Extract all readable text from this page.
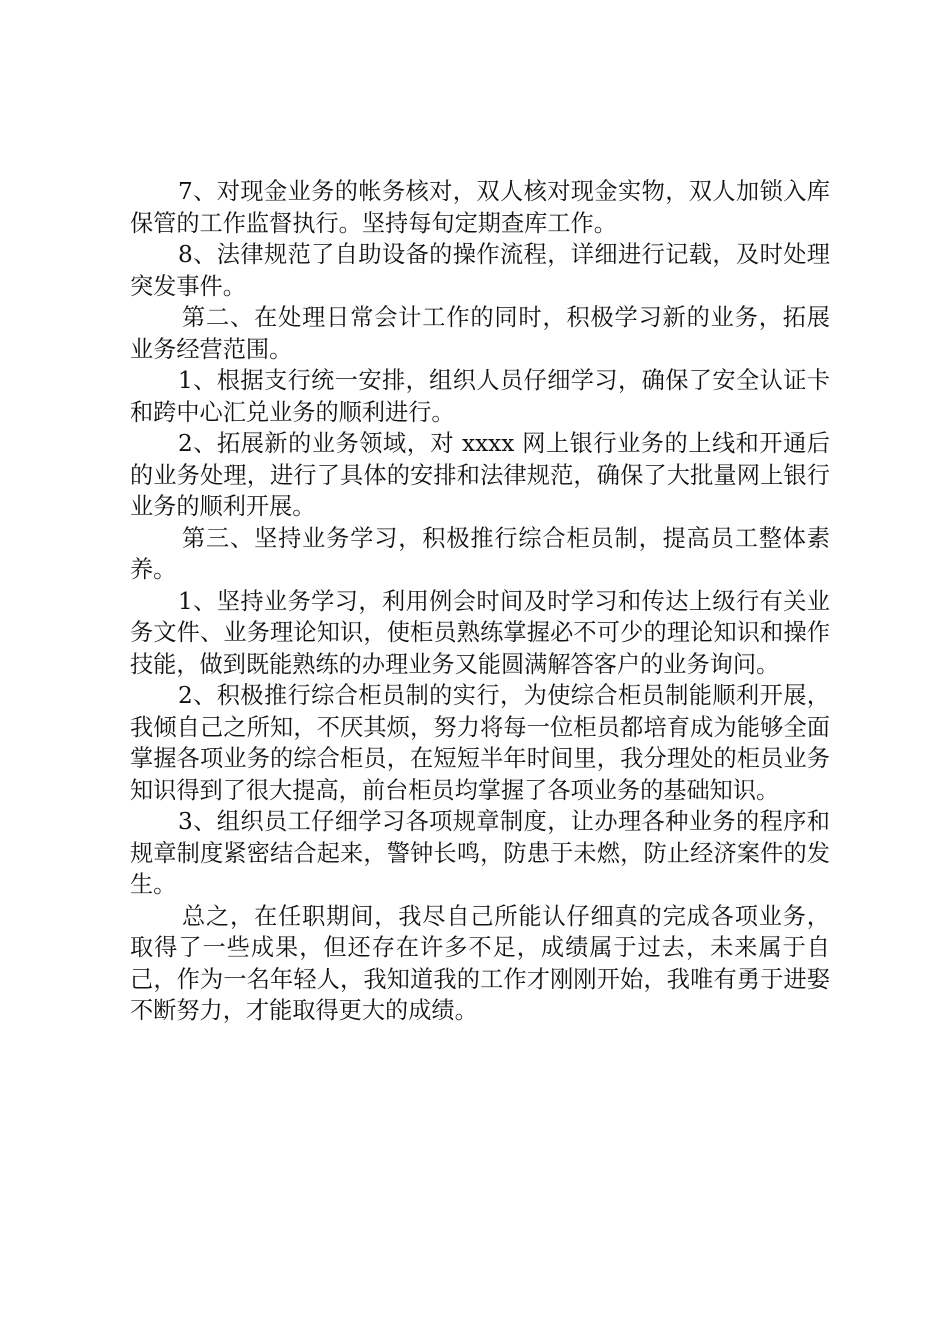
7、对现金业务的帐务核对，双人核对现金实物，双人加锁入库保管的工作监督执行。坚持每旬定期查库工作。

8、法律规范了自助设备的操作流程，详细进行记载，及时处理突发事件。

第二、在处理日常会计工作的同时，积极学习新的业务，拓展业务经营范围。

1、根据支行统一安排，组织人员仔细学习，确保了安全认证卡和跨中心汇兑业务的顺利进行。

2、拓展新的业务领域，对 xxxx 网上银行业务的上线和开通后的业务处理，进行了具体的安排和法律规范，确保了大批量网上银行业务的顺利开展。

第三、坚持业务学习，积极推行综合柜员制，提高员工整体素养。

1、坚持业务学习，利用例会时间及时学习和传达上级行有关业务文件、业务理论知识，使柜员熟练掌握必不可少的理论知识和操作技能，做到既能熟练的办理业务又能圆满解答客户的业务询问。

2、积极推行综合柜员制的实行，为使综合柜员制能顺利开展，我倾自己之所知，不厌其烦，努力将每一位柜员都培育成为能够全面掌握各项业务的综合柜员，在短短半年时间里，我分理处的柜员业务知识得到了很大提高，前台柜员均掌握了各项业务的基础知识。

3、组织员工仔细学习各项规章制度，让办理各种业务的程序和规章制度紧密结合起来，警钟长鸣，防患于未燃，防止经济案件的发生。

总之，在任职期间，我尽自己所能认仔细真的完成各项业务，取得了一些成果，但还存在许多不足，成绩属于过去，未来属于自己，作为一名年轻人，我知道我的工作才刚刚开始，我唯有勇于进娶不断努力，才能取得更大的成绩。
